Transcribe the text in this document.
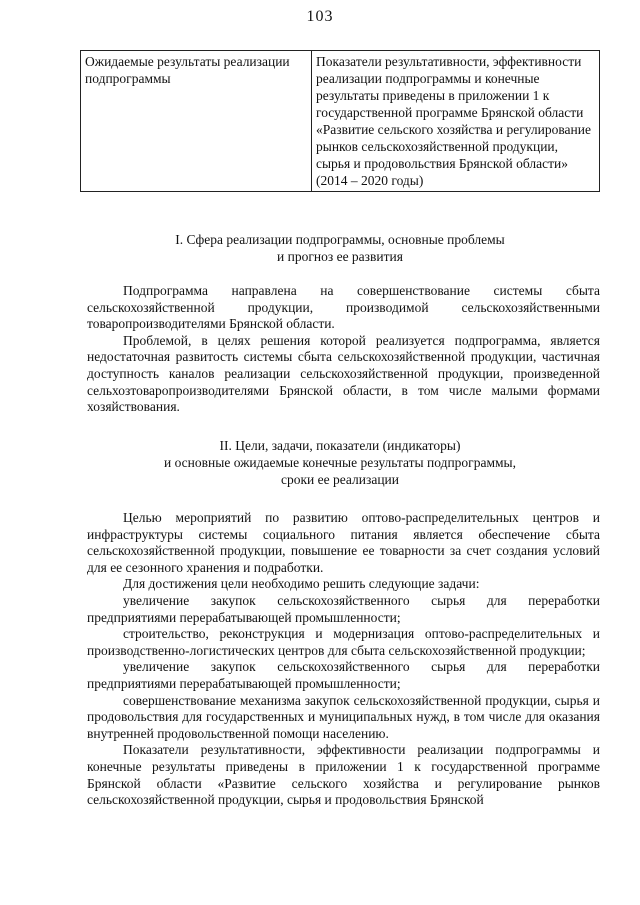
103
Ожидаемые результаты реализации подпрограммы	Показатели результативности, эффективности реализации подпрограммы и конечные результаты приведены в приложении 1 к государственной программе Брянской области «Развитие сельского хозяйства и регулирование рынков сельскохозяйственной продукции, сырья и продовольствия Брянской области» (2014 – 2020 годы)
I. Сфера реализации подпрограммы, основные проблемы
и прогноз ее развития

Подпрограмма направлена на совершенствование системы сбыта сельскохозяйственной продукции, производимой сельскохозяйственными товаропроизводителями Брянской области.

Проблемой, в целях решения которой реализуется подпрограмма, является недостаточная развитость системы сбыта сельскохозяйственной продукции, частичная доступность каналов реализации сельскохозяйственной продукции, произведенной сельхозтоваропроизводителями Брянской области, в том числе малыми формами хозяйствования.

II. Цели, задачи, показатели (индикаторы)
и основные ожидаемые конечные результаты подпрограммы,
сроки ее реализации

Целью мероприятий по развитию оптово-распределительных центров и инфраструктуры системы социального питания является обеспечение сбыта сельскохозяйственной продукции, повышение ее товарности за счет создания условий для ее сезонного хранения и подработки.

Для достижения цели необходимо решить следующие задачи:

увеличение закупок сельскохозяйственного сырья для переработки предприятиями перерабатывающей промышленности;

строительство, реконструкция и модернизация оптово-распределительных и производственно-логистических центров для сбыта сельскохозяйственной продукции;

увеличение закупок сельскохозяйственного сырья для переработки предприятиями перерабатывающей промышленности;

совершенствование механизма закупок сельскохозяйственной продукции, сырья и продовольствия для государственных и муниципальных нужд, в том числе для оказания внутренней продовольственной помощи населению.

Показатели результативности, эффективности реализации подпрограммы и конечные результаты приведены в приложении 1 к государственной программе Брянской области «Развитие сельского хозяйства и регулирование рынков сельскохозяйственной продукции, сырья и продовольствия Брянской
